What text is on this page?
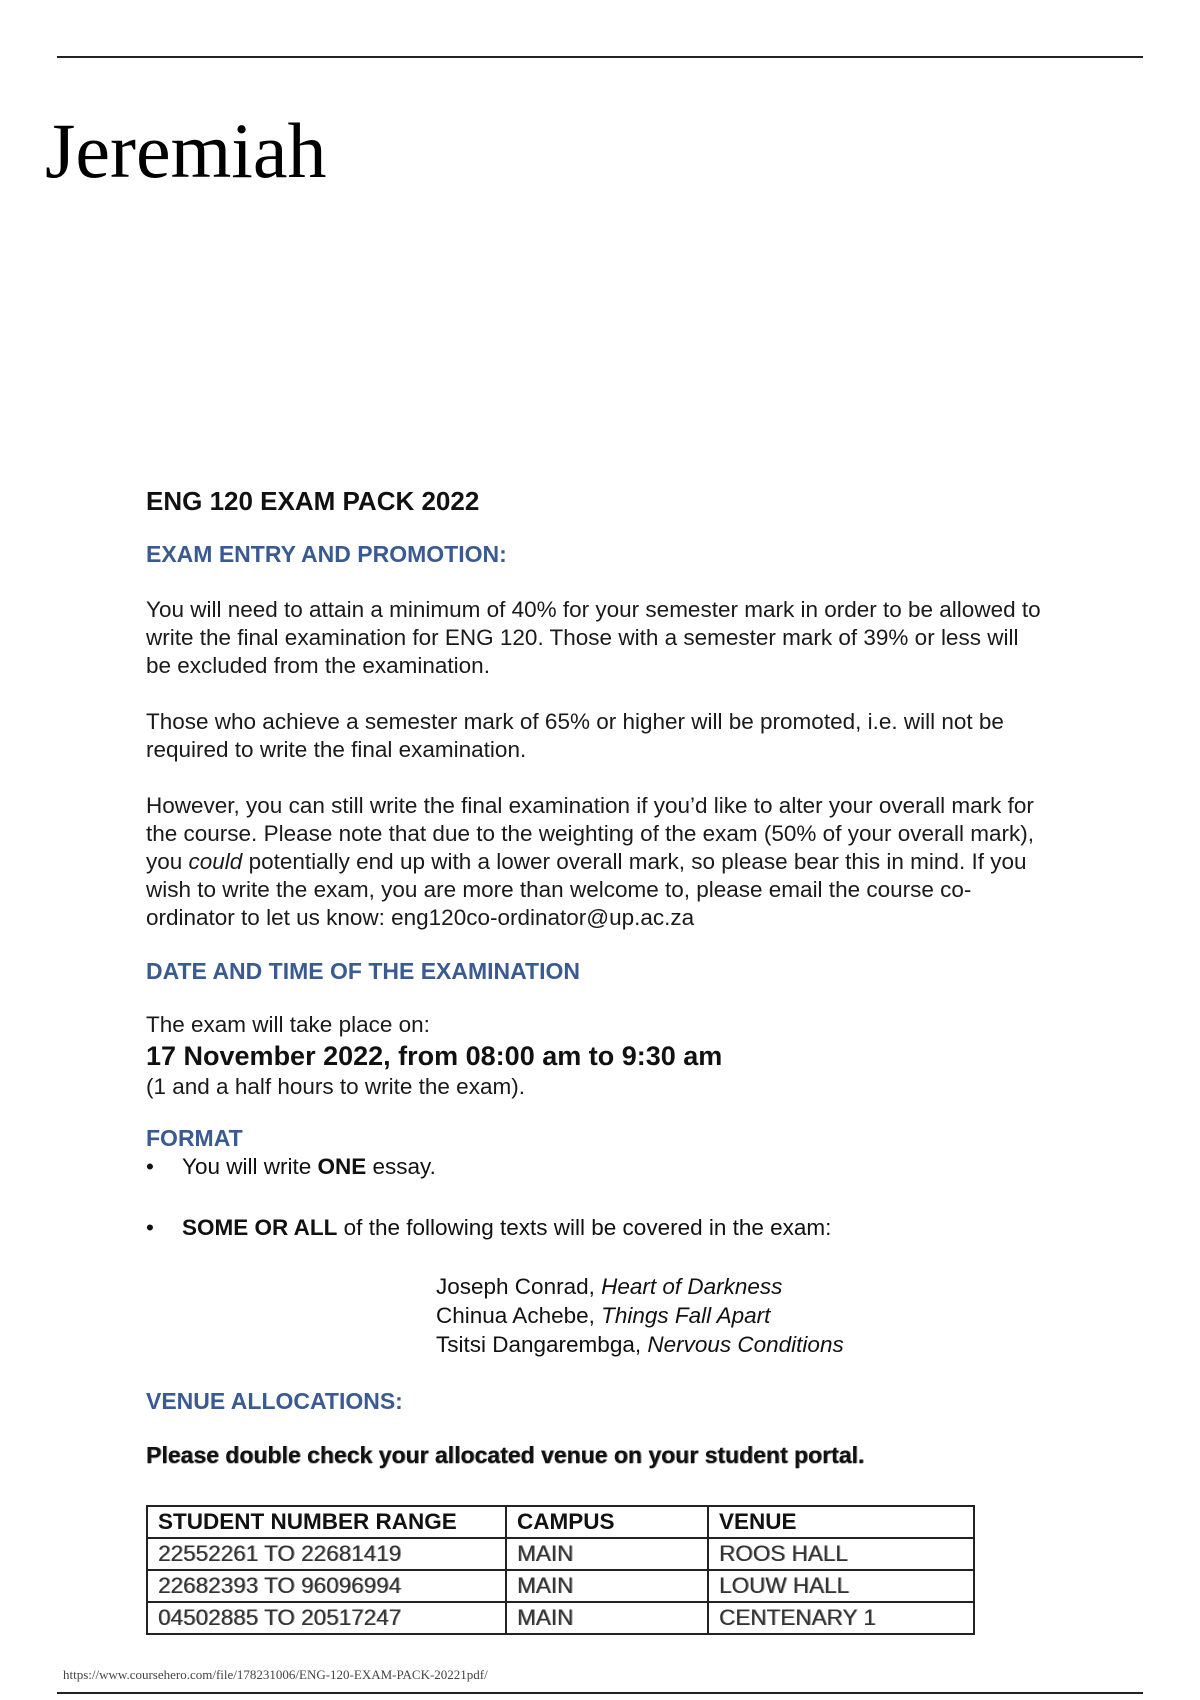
Jeremiah
ENG 120 EXAM PACK 2022
EXAM ENTRY AND PROMOTION:

You will need to attain a minimum of 40% for your semester mark in order to be allowed to write the final examination for ENG 120. Those with a semester mark of 39% or less will be excluded from the examination.

Those who achieve a semester mark of 65% or higher will be promoted, i.e. will not be required to write the final examination.

However, you can still write the final examination if you’d like to alter your overall mark for the course. Please note that due to the weighting of the exam (50% of your overall mark), you could potentially end up with a lower overall mark, so please bear this in mind. If you wish to write the exam, you are more than welcome to, please email the course co-ordinator to let us know: eng120co-ordinator@up.ac.za

DATE AND TIME OF THE EXAMINATION

The exam will take place on:

17 November 2022, from 08:00 am to 9:30 am

(1 and a half hours to write the exam).

FORMAT
• You will write ONE essay.
• SOME OR ALL of the following texts will be covered in the exam:
Joseph Conrad, Heart of Darkness
Chinua Achebe, Things Fall Apart
Tsitsi Dangarembga, Nervous Conditions
VENUE ALLOCATIONS:

Please double check your allocated venue on your student portal.

STUDENT NUMBER RANGE	CAMPUS	VENUE
22552261 TO 22681419	MAIN	ROOS HALL
22682393 TO 96096994	MAIN	LOUW HALL
04502885 TO 20517247	MAIN	CENTENARY 1
https://www.coursehero.com/file/178231006/ENG-120-EXAM-PACK-20221pdf/
